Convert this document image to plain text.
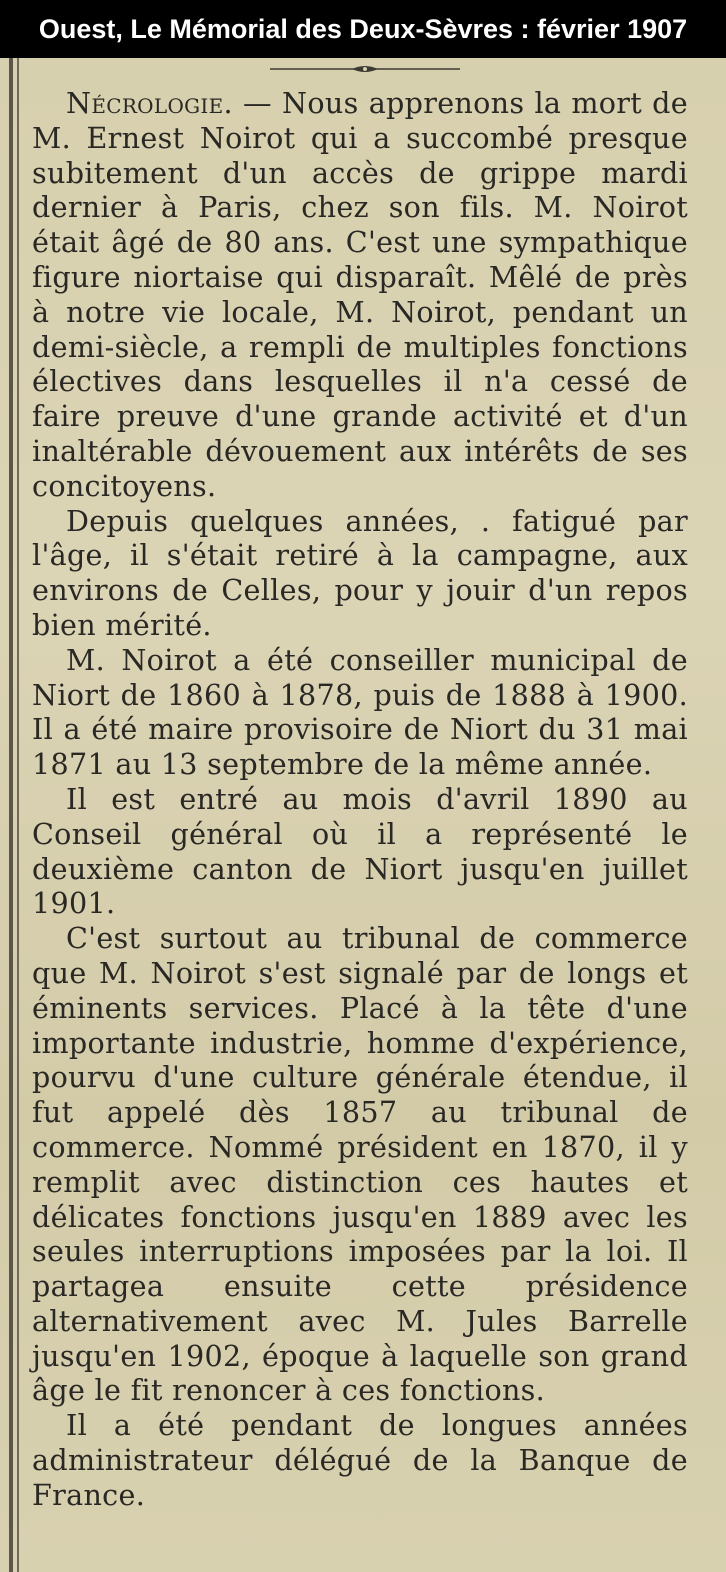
Ouest, Le Mémorial des Deux-Sèvres : février 1907

Nécrologie. — Nous apprenons la mort de M. Ernest Noirot qui a succombé presque subitement d'un accès de grippe mardi dernier à Paris, chez son fils. M. Noirot était âgé de 80 ans. C'est une sympathique figure niortaise qui disparaît. Mêlé de près à notre vie locale, M. Noirot, pendant un demi-siècle, a rempli de multiples fonctions électives dans lesquelles il n'a cessé de faire preuve d'une grande activité et d'un inaltérable dévouement aux intérêts de ses concitoyens.

Depuis quelques années, . fatigué par l'âge, il s'était retiré à la campagne, aux environs de Celles, pour y jouir d'un repos bien mérité.

M. Noirot a été conseiller municipal de Niort de 1860 à 1878, puis de 1888 à 1900. Il a été maire provisoire de Niort du 31 mai 1871 au 13 septembre de la même année.

Il est entré au mois d'avril 1890 au Conseil général où il a représenté le deuxième canton de Niort jusqu'en juillet 1901.

C'est surtout au tribunal de commerce que M. Noirot s'est signalé par de longs et éminents services. Placé à la tête d'une importante industrie, homme d'expérience, pourvu d'une culture générale étendue, il fut appelé dès 1857 au tribunal de commerce. Nommé président en 1870, il y remplit avec distinction ces hautes et délicates fonctions jusqu'en 1889 avec les seules interruptions imposées par la loi. Il partagea ensuite cette présidence alternativement avec M. Jules Barrelle jusqu'en 1902, époque à laquelle son grand âge le fit renoncer à ces fonctions.

Il a été pendant de longues années administrateur délégué de la Banque de France.
